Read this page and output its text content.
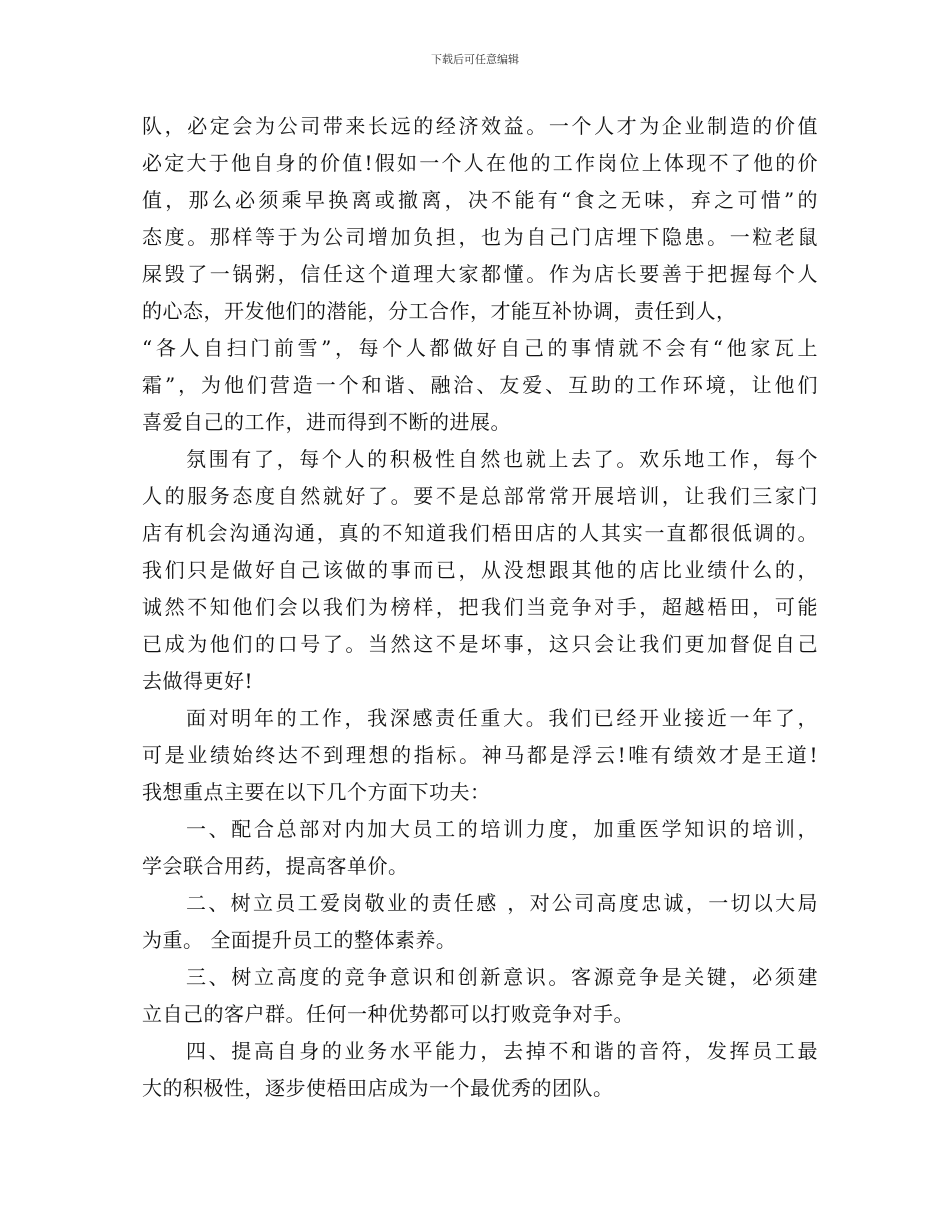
下载后可任意编辑
队，必定会为公司带来长远的经济效益。一个人才为企业制造的价值
必定大于他自身的价值!假如一个人在他的工作岗位上体现不了他的价
值，那么必须乘早换离或撤离，决不能有“食之无味，弃之可惜”的
态度。那样等于为公司增加负担，也为自己门店埋下隐患。一粒老鼠
屎毁了一锅粥，信任这个道理大家都懂。作为店长要善于把握每个人
的心态，开发他们的潜能，分工合作，才能互补协调，责任到人，
“各人自扫门前雪”，每个人都做好自己的事情就不会有“他家瓦上
霜”，为他们营造一个和谐、融洽、友爱、互助的工作环境，让他们
喜爱自己的工作，进而得到不断的进展。
氛围有了，每个人的积极性自然也就上去了。欢乐地工作，每个
人的服务态度自然就好了。要不是总部常常开展培训，让我们三家门
店有机会沟通沟通，真的不知道我们梧田店的人其实一直都很低调的。
我们只是做好自己该做的事而已，从没想跟其他的店比业绩什么的，
诚然不知他们会以我们为榜样，把我们当竞争对手，超越梧田，可能
已成为他们的口号了。当然这不是坏事，这只会让我们更加督促自己
去做得更好!
面对明年的工作，我深感责任重大。我们已经开业接近一年了，
可是业绩始终达不到理想的指标。神马都是浮云!唯有绩效才是王道!
我想重点主要在以下几个方面下功夫：
一、配合总部对内加大员工的培训力度，加重医学知识的培训，
学会联合用药，提高客单价。
二、树立员工爱岗敬业的责任感 ，对公司高度忠诚，一切以大局
为重。 全面提升员工的整体素养。
三、树立高度的竞争意识和创新意识。客源竞争是关键，必须建
立自己的客户群。任何一种优势都可以打败竞争对手。
四、提高自身的业务水平能力，去掉不和谐的音符，发挥员工最
大的积极性，逐步使梧田店成为一个最优秀的团队。
